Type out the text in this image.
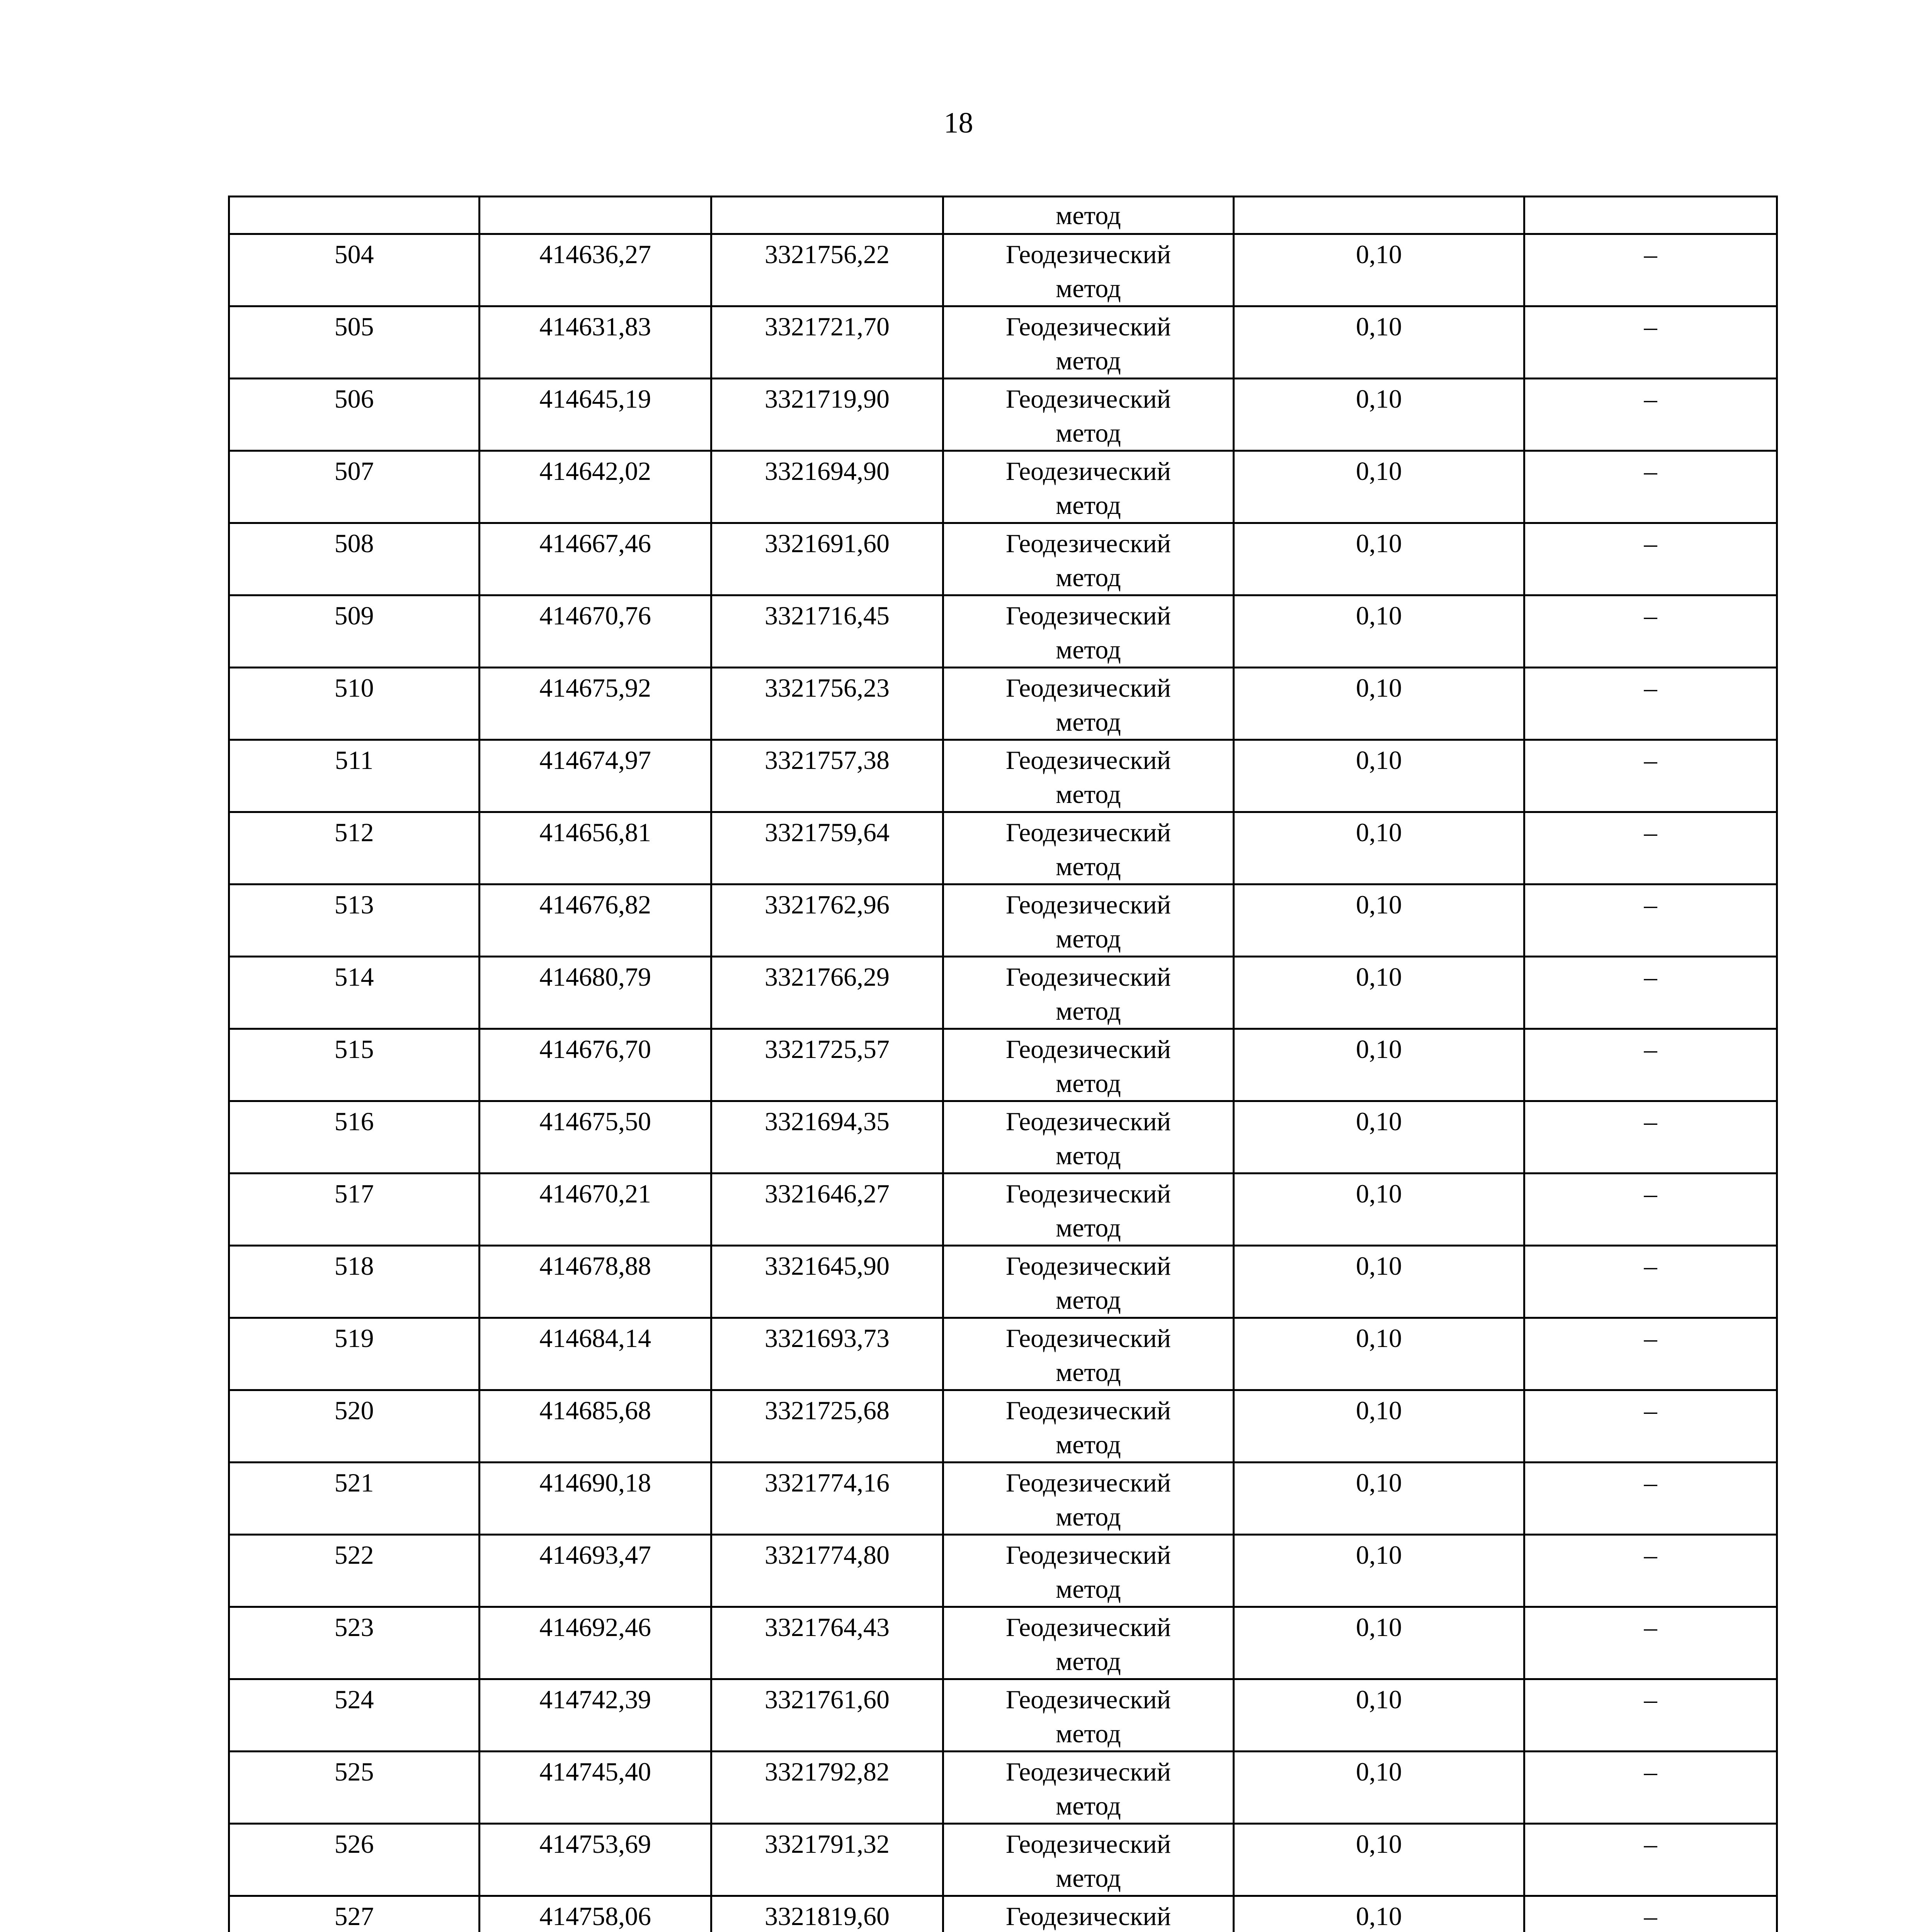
18
			метод		

504	414636,27	3321756,22	Геодезический
метод	0,10	–

505	414631,83	3321721,70	Геодезический
метод	0,10	–

506	414645,19	3321719,90	Геодезический
метод	0,10	–

507	414642,02	3321694,90	Геодезический
метод	0,10	–

508	414667,46	3321691,60	Геодезический
метод	0,10	–

509	414670,76	3321716,45	Геодезический
метод	0,10	–

510	414675,92	3321756,23	Геодезический
метод	0,10	–

511	414674,97	3321757,38	Геодезический
метод	0,10	–

512	414656,81	3321759,64	Геодезический
метод	0,10	–

513	414676,82	3321762,96	Геодезический
метод	0,10	–

514	414680,79	3321766,29	Геодезический
метод	0,10	–

515	414676,70	3321725,57	Геодезический
метод	0,10	–

516	414675,50	3321694,35	Геодезический
метод	0,10	–

517	414670,21	3321646,27	Геодезический
метод	0,10	–

518	414678,88	3321645,90	Геодезический
метод	0,10	–

519	414684,14	3321693,73	Геодезический
метод	0,10	–

520	414685,68	3321725,68	Геодезический
метод	0,10	–

521	414690,18	3321774,16	Геодезический
метод	0,10	–

522	414693,47	3321774,80	Геодезический
метод	0,10	–

523	414692,46	3321764,43	Геодезический
метод	0,10	–

524	414742,39	3321761,60	Геодезический
метод	0,10	–

525	414745,40	3321792,82	Геодезический
метод	0,10	–

526	414753,69	3321791,32	Геодезический
метод	0,10	–

527	414758,06	3321819,60	Геодезический	0,10	–
